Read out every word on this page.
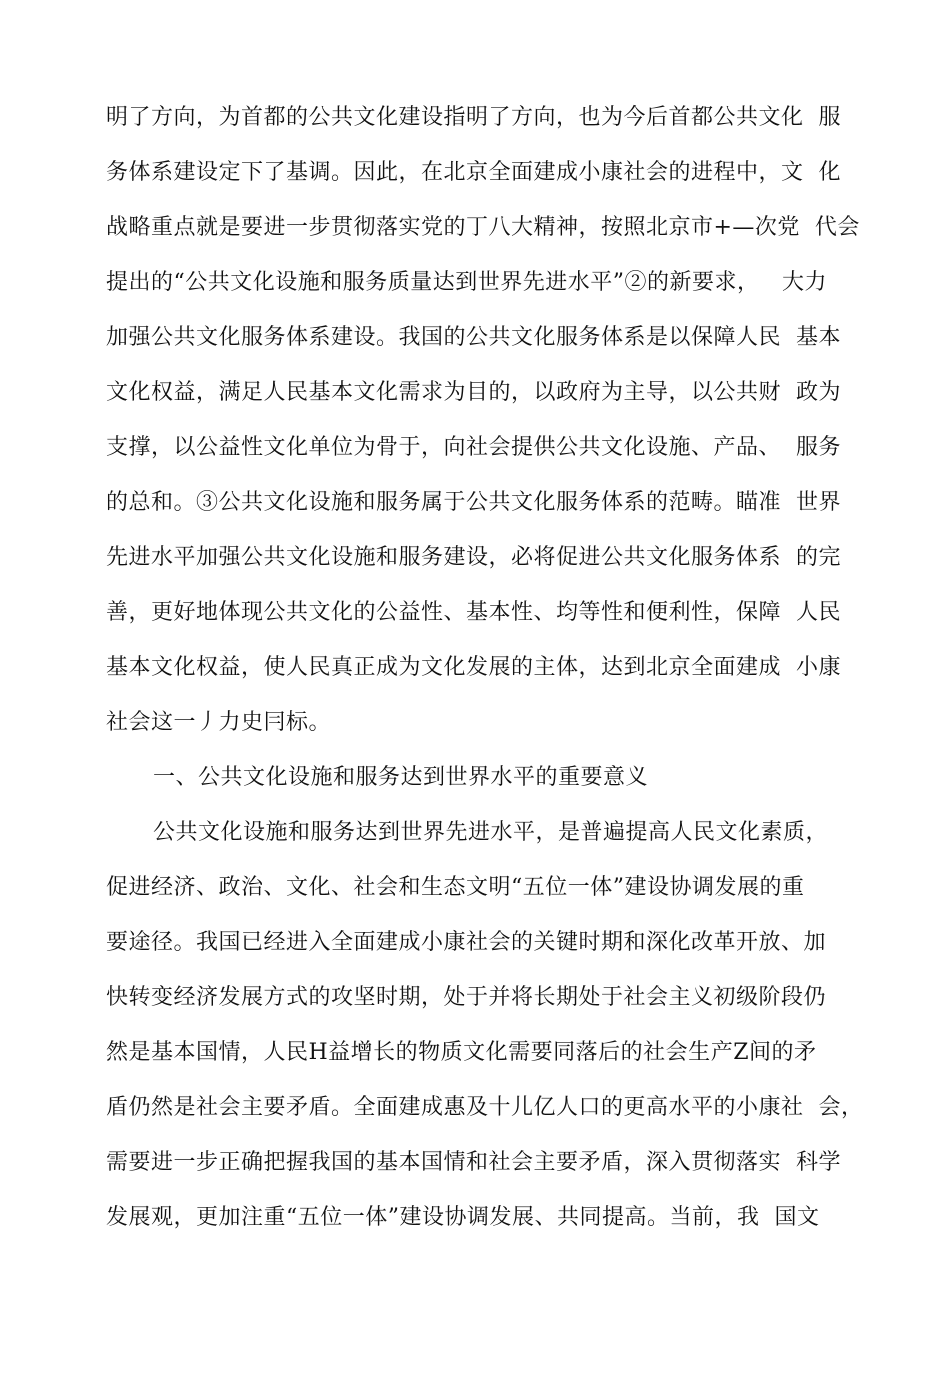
明了方向，为首都的公共文化建设指明了方向，也为今后首都公共文化  服
务体系建设定下了基调。因此，在北京全面建成小康社会的进程中，文  化
战略重点就是要进一步贯彻落实党的丁八大精神，按照北京市+—次党  代会
提出的“公共文化设施和服务质量达到世界先进水平”②的新要求，   大力
加强公共文化服务体系建设。我国的公共文化服务体系是以保障人民  基本
文化权益，满足人民基本文化需求为目的，以政府为主导，以公共财  政为
支撑，以公益性文化单位为骨于，向社会提供公共文化设施、产品、  服务
的总和。③公共文化设施和服务属于公共文化服务体系的范畴。瞄准  世界
先进水平加强公共文化设施和服务建设，必将促进公共文化服务体系  的完
善，更好地体现公共文化的公益性、基本性、均等性和便利性，保障  人民
基本文化权益，使人民真正成为文化发展的主体，达到北京全面建成  小康
社会这一丿力史冃标。
一、公共文化设施和服务达到世界水平的重要意义
公共文化设施和服务达到世界先进水平，是普遍提高人民文化素质，
促进经济、政治、文化、社会和生态文明“五位一体”建设协调发展的重
要途径。我国已经进入全面建成小康社会的关键时期和深化改革开放、加
快转变经济发展方式的攻坚时期，处于并将长期处于社会主义初级阶段仍
然是基本国情，人民H益增长的物质文化需要同落后的社会生产Z间的矛
盾仍然是社会主要矛盾。全面建成惠及十儿亿人口的更高水平的小康社  会，
需要进一步正确把握我国的基本国情和社会主要矛盾，深入贯彻落实  科学
发展观，更加注重“五位一体”建设协调发展、共同提高。当前，我  国文
